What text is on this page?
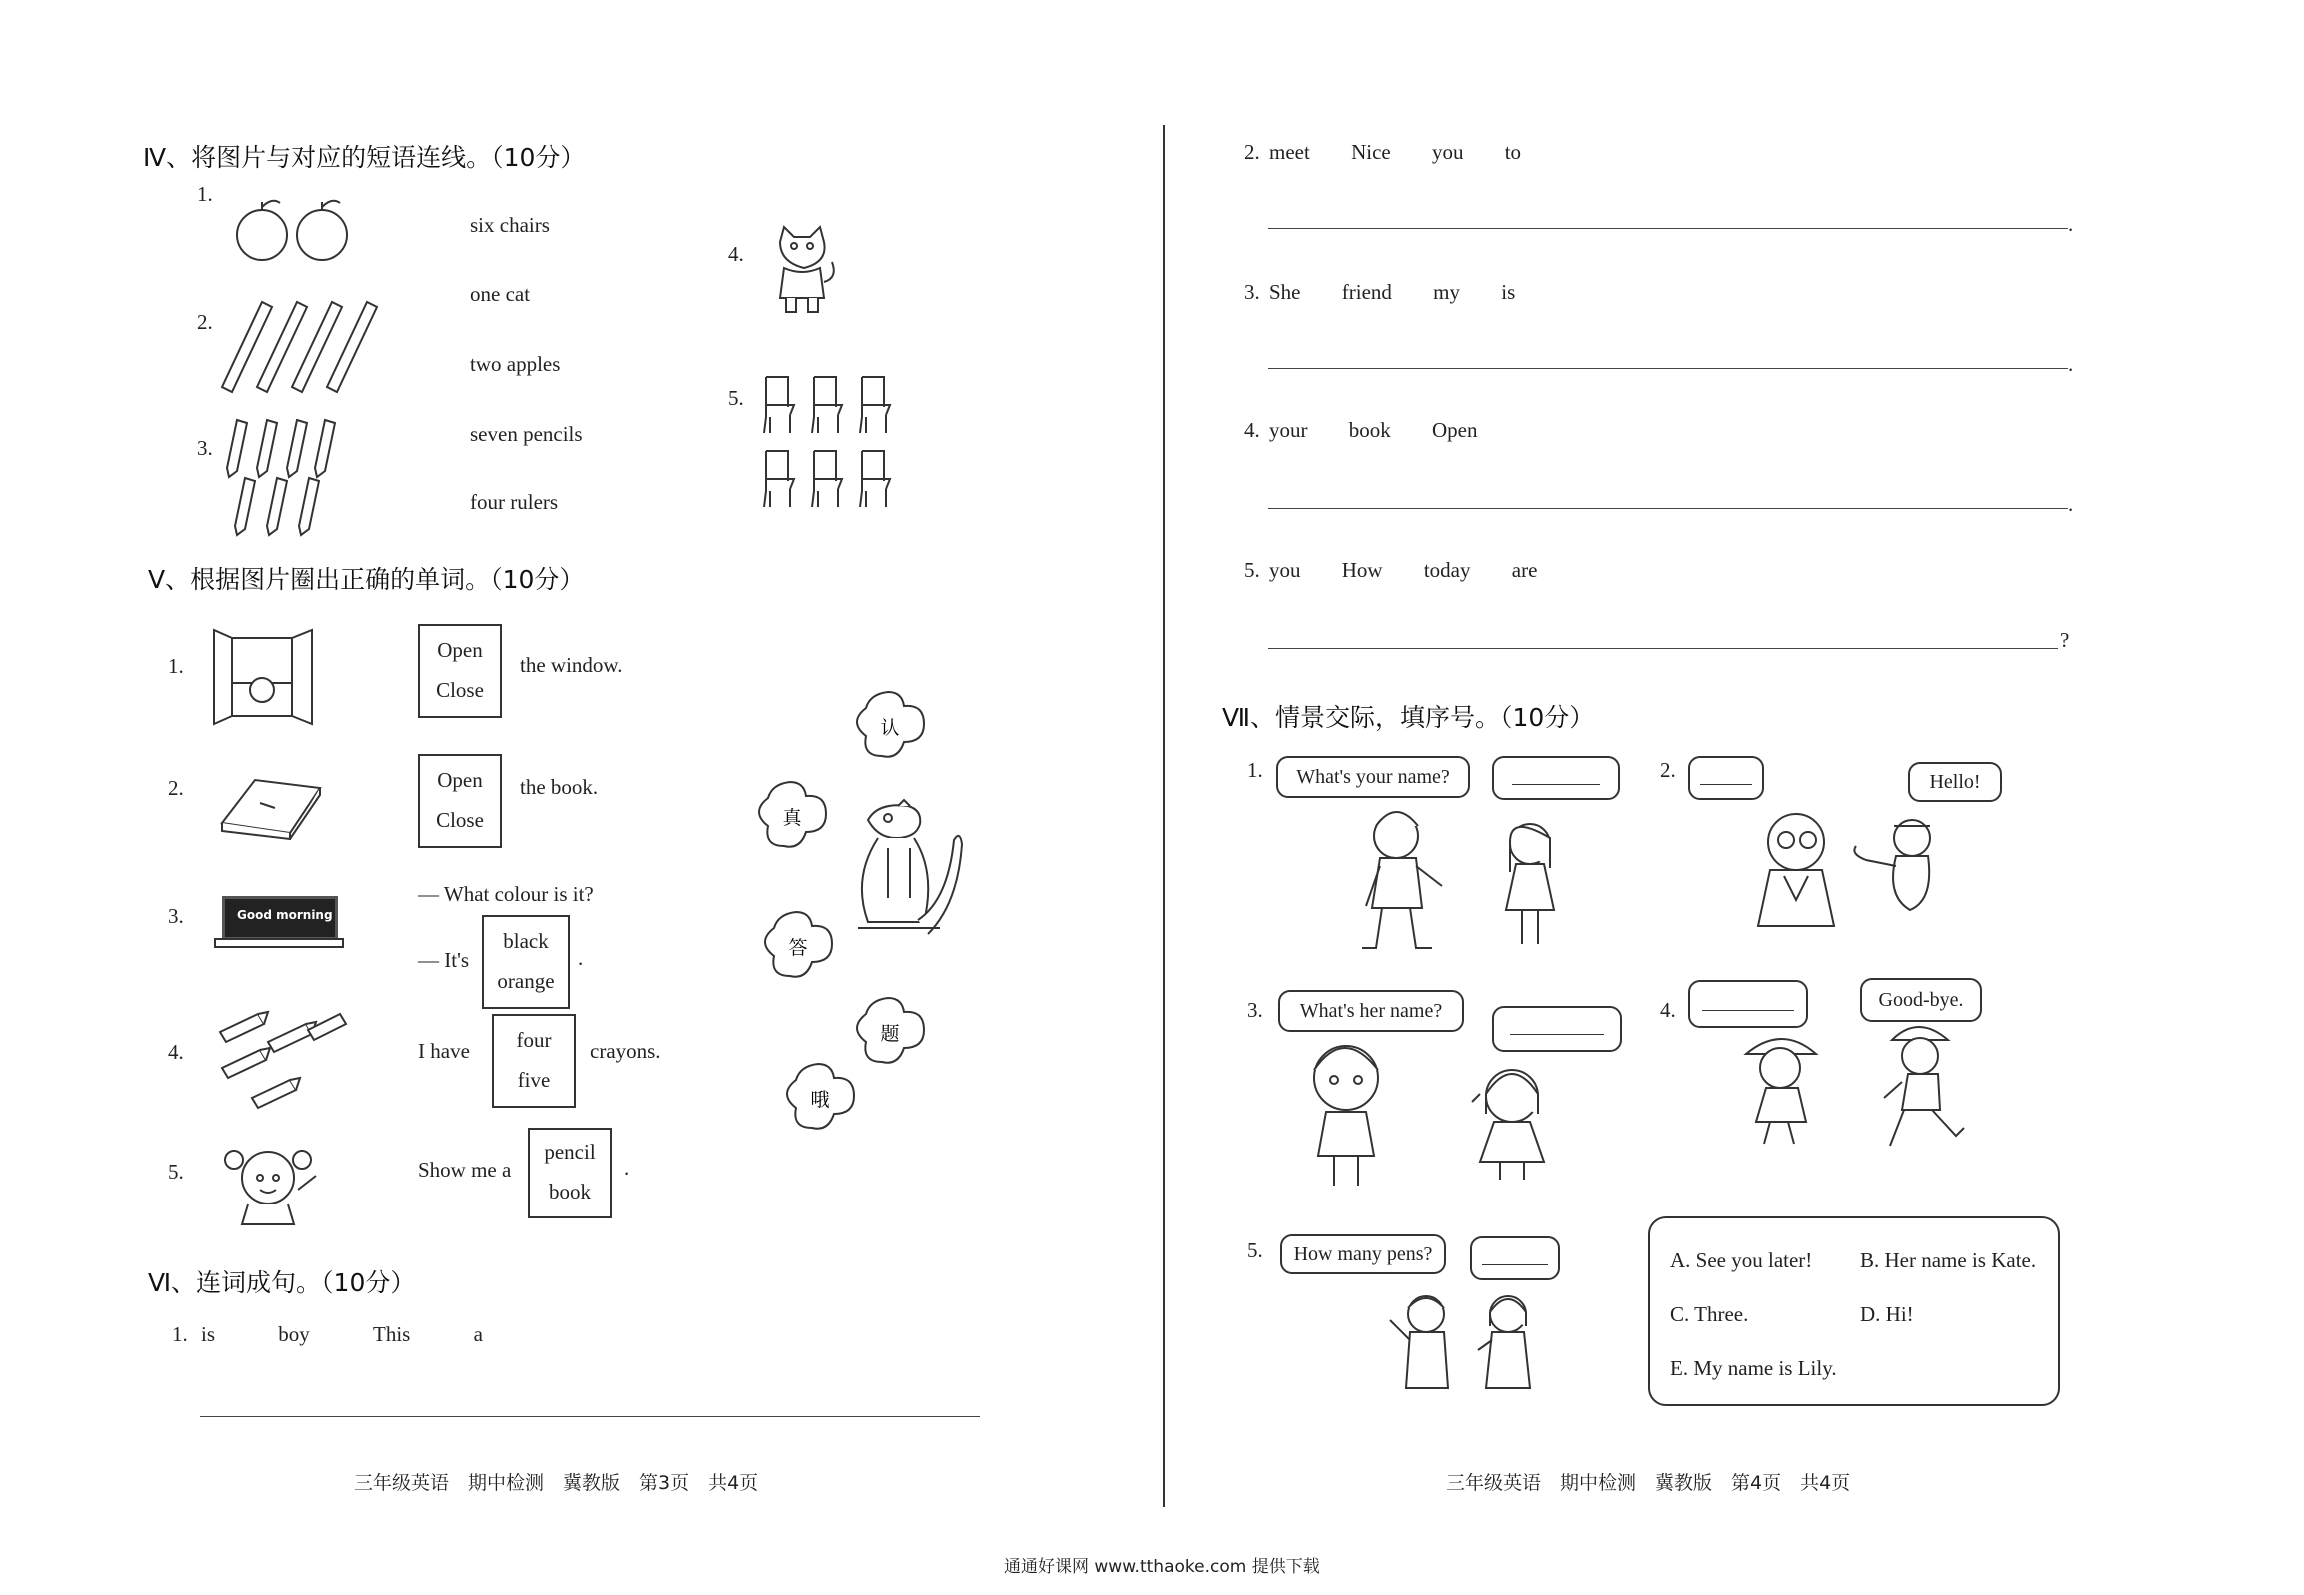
Ⅳ、将图片与对应的短语连线。（10分）
1.
2.
3.
4.
5.
six chairs
one cat
two apples
seven pencils
four rulers
Ⅴ、根据图片圈出正确的单词。（10分）
1.
Open
Close
the window.
2.	Open
Close
the book.
3.	Good morning
— What colour is it?
— It's
black
orange
.
4.	I have	four
five
crayons.
5.	Show me a
pencil
book
.
认
真
答
题
哦
Ⅵ、连词成句。（10分）
1. is	boy	This	a
三年级英语　期中检测　冀教版　第3页　共4页
2. meet Nice you to
.
3. She friend my is
.
4. your book Open
.
5. you How today are
?
Ⅶ、情景交际，填序号。（10分）
1.	2.
3.	4.
5.
What's your name?	Hello!
What's her name?	Good-bye.
How many pens?	A. See you later! B. Her name is Kate.
C. Three.	D. Hi!
E. My name is Lily.
三年级英语　期中检测　冀教版　第4页　共4页
通通好课网 www.tthaoke.com 提供下载
